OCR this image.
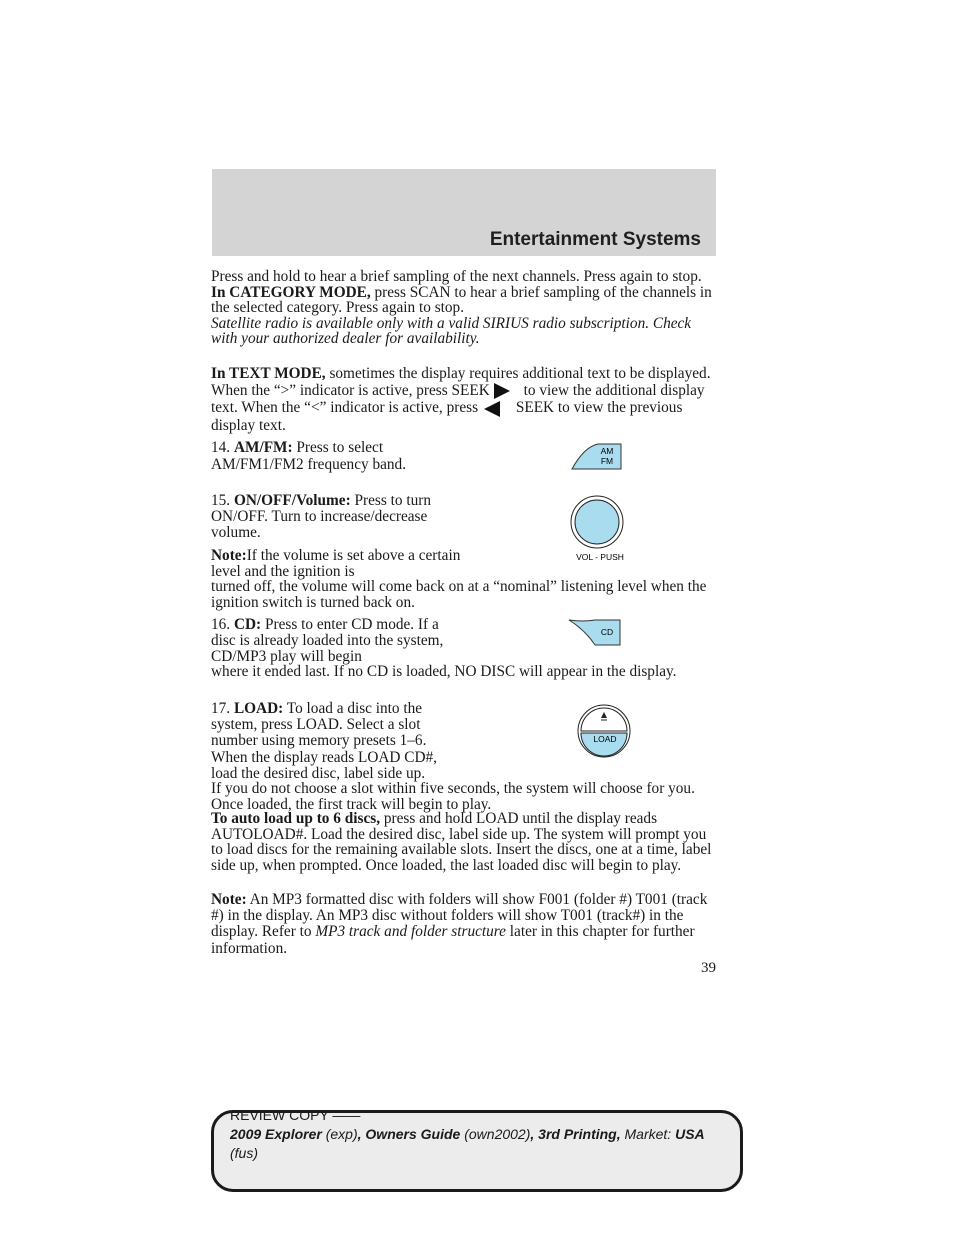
Entertainment Systems
Press and hold to hear a brief sampling of the next channels. Press again to stop.
In CATEGORY MODE, press SCAN to hear a brief sampling of the channels in the selected category. Press again to stop.
Satellite radio is available only with a valid SIRIUS radio subscription. Check with your authorized dealer for availability.
In TEXT MODE, sometimes the display requires additional text to be displayed. When the “>” indicator is active, press SEEK to view the additional display text. When the “<” indicator is active, press SEEK to view the previous display text.
14. AM/FM: Press to select AM/FM1/FM2 frequency band.
AM
FM
15. ON/OFF/Volume: Press to turn ON/OFF. Turn to increase/decrease volume.
VOL - PUSH
Note:If the volume is set above a certain level and the ignition is
turned off, the volume will come back on at a “nominal” listening level when the ignition switch is turned back on.
16. CD: Press to enter CD mode. If a disc is already loaded into the system, CD/MP3 play will begin
CD
where it ended last. If no CD is loaded, NO DISC will appear in the display.
17. LOAD: To load a disc into the system, press LOAD. Select a slot number using memory presets 1–6. When the display reads LOAD CD#, load the desired disc, label side up.
LOAD
If you do not choose a slot within five seconds, the system will choose for you. Once loaded, the first track will begin to play.
To auto load up to 6 discs, press and hold LOAD until the display reads AUTOLOAD#. Load the desired disc, label side up. The system will prompt you to load discs for the remaining available slots. Insert the discs, one at a time, label side up, when prompted. Once loaded, the last loaded disc will begin to play.
Note: An MP3 formatted disc with folders will show F001 (folder #) T001 (track #) in the display. An MP3 disc without folders will show T001 (track#) in the display. Refer to MP3 track and folder structure later in this chapter for further information.
39
REVIEW COPY ——
2009 Explorer (exp), Owners Guide (own2002), 3rd Printing, Market: USA
(fus)
